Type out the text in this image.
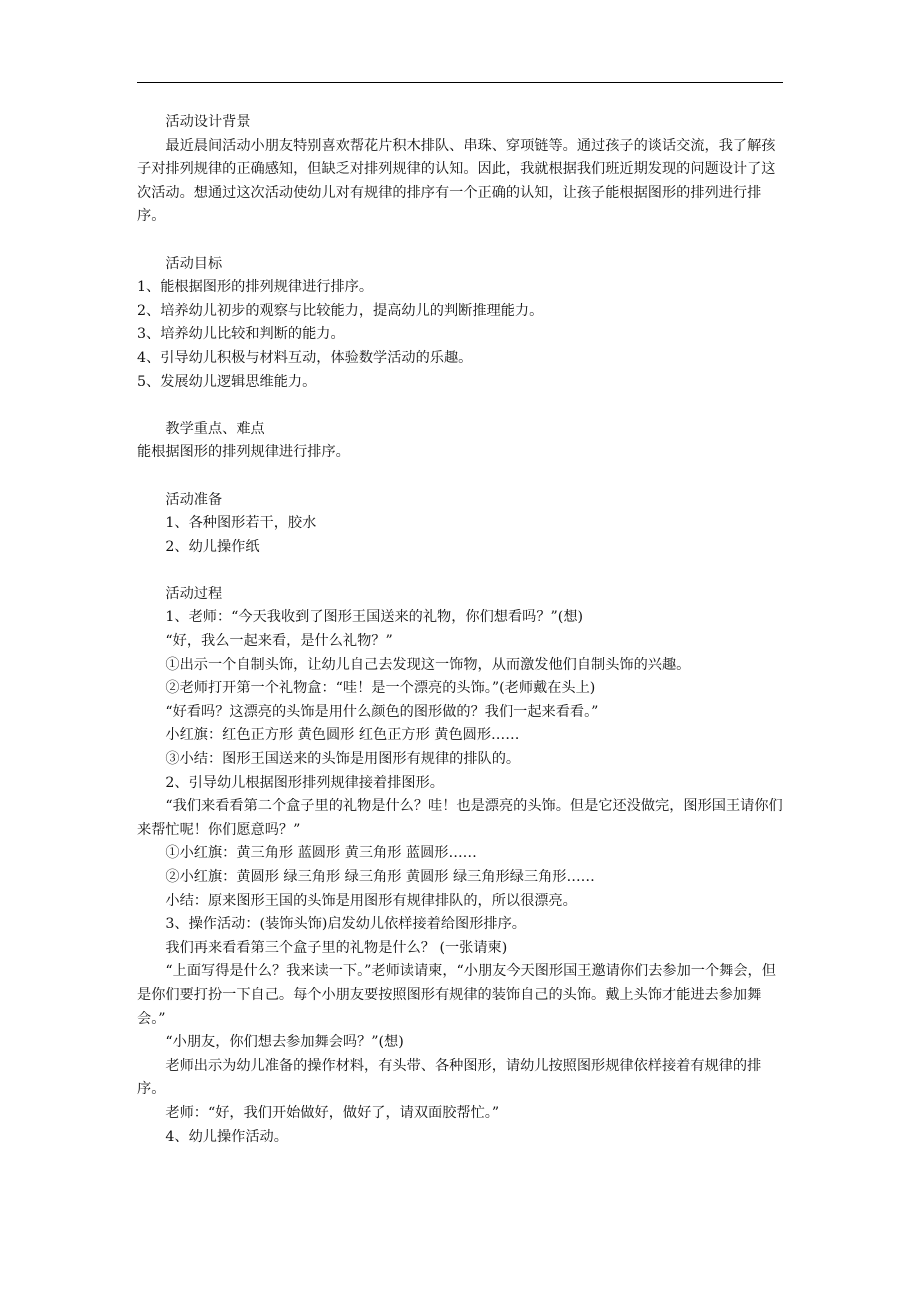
活动设计背景

最近晨间活动小朋友特别喜欢帮花片积木排队、串珠、穿项链等。通过孩子的谈话交流，我了解孩子对排列规律的正确感知，但缺乏对排列规律的认知。因此，我就根据我们班近期发现的问题设计了这次活动。想通过这次活动使幼儿对有规律的排序有一个正确的认知，让孩子能根据图形的排列进行排序。

活动目标

1、能根据图形的排列规律进行排序。

2、培养幼儿初步的观察与比较能力，提高幼儿的判断推理能力。

3、培养幼儿比较和判断的能力。

4、引导幼儿积极与材料互动，体验数学活动的乐趣。

5、发展幼儿逻辑思维能力。

教学重点、难点

能根据图形的排列规律进行排序。

活动准备

1、各种图形若干，胶水

2、幼儿操作纸

活动过程

1、老师：“今天我收到了图形王国送来的礼物，你们想看吗？”(想)

“好，我么一起来看，是什么礼物？”

①出示一个自制头饰，让幼儿自己去发现这一饰物，从而激发他们自制头饰的兴趣。

②老师打开第一个礼物盒：“哇！是一个漂亮的头饰。”(老师戴在头上)

“好看吗？这漂亮的头饰是用什么颜色的图形做的？我们一起来看看。”

小红旗：红色正方形 黄色圆形 红色正方形 黄色圆形……

③小结：图形王国送来的头饰是用图形有规律的排队的。

2、引导幼儿根据图形排列规律接着排图形。

“我们来看看第二个盒子里的礼物是什么？哇！也是漂亮的头饰。但是它还没做完，图形国王请你们来帮忙呢！你们愿意吗？”

①小红旗：黄三角形 蓝圆形 黄三角形 蓝圆形……

②小红旗：黄圆形 绿三角形 绿三角形 黄圆形 绿三角形绿三角形……

小结：原来图形王国的头饰是用图形有规律排队的，所以很漂亮。

3、操作活动：(装饰头饰)启发幼儿依样接着给图形排序。

我们再来看看第三个盒子里的礼物是什么？ (一张请柬)

“上面写得是什么？我来读一下。”老师读请柬，“小朋友今天图形国王邀请你们去参加一个舞会，但是你们要打扮一下自己。每个小朋友要按照图形有规律的装饰自己的头饰。戴上头饰才能进去参加舞会。”

“小朋友，你们想去参加舞会吗？”(想)

老师出示为幼儿准备的操作材料，有头带、各种图形，请幼儿按照图形规律依样接着有规律的排序。

老师：“好，我们开始做好，做好了，请双面胶帮忙。”

4、幼儿操作活动。
